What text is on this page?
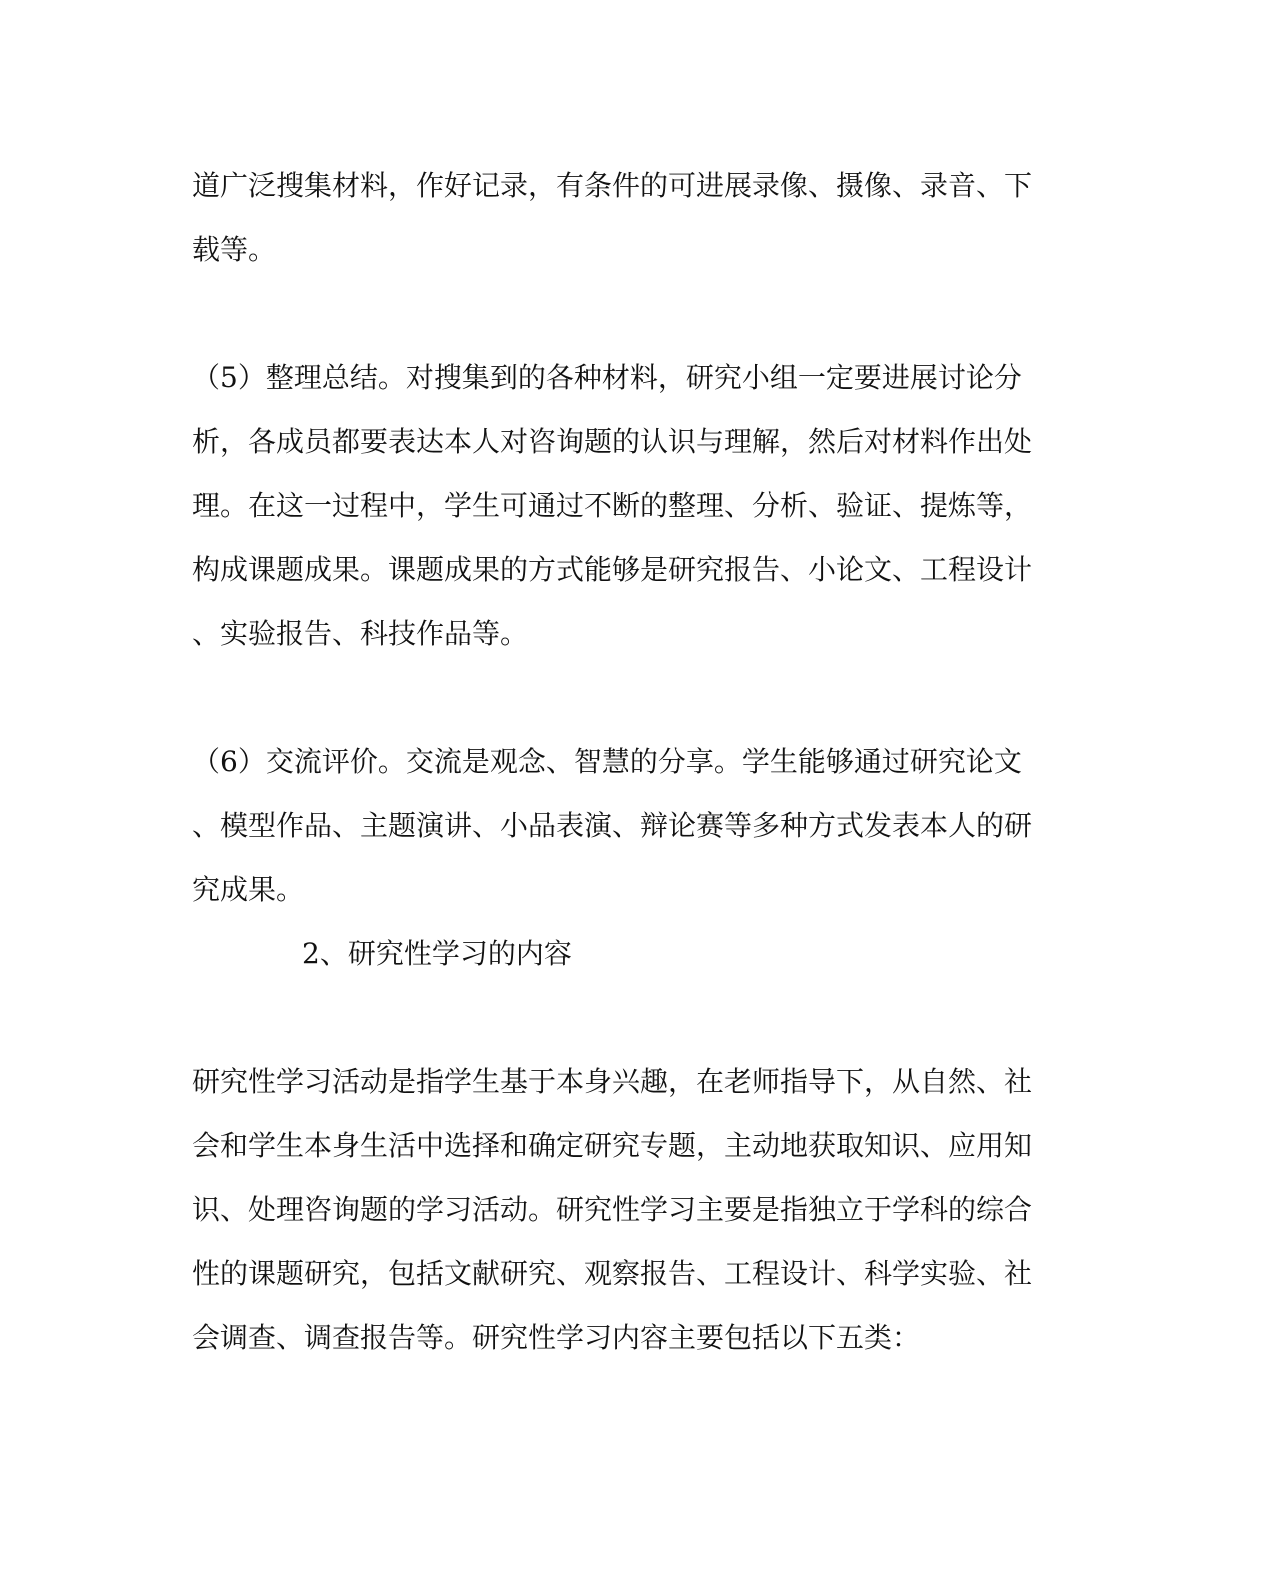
道广泛搜集材料，作好记录，有条件的可进展录像、摄像、录音、下
载等。
（5）整理总结。对搜集到的各种材料，研究小组一定要进展讨论分
析，各成员都要表达本人对咨询题的认识与理解，然后对材料作出处
理。在这一过程中，学生可通过不断的整理、分析、验证、提炼等，
构成课题成果。课题成果的方式能够是研究报告、小论文、工程设计
、实验报告、科技作品等。
（6）交流评价。交流是观念、智慧的分享。学生能够通过研究论文
、模型作品、主题演讲、小品表演、辩论赛等多种方式发表本人的研
究成果。
2、研究性学习的内容
研究性学习活动是指学生基于本身兴趣，在老师指导下，从自然、社
会和学生本身生活中选择和确定研究专题，主动地获取知识、应用知
识、处理咨询题的学习活动。研究性学习主要是指独立于学科的综合
性的课题研究，包括文献研究、观察报告、工程设计、科学实验、社
会调查、调查报告等。研究性学习内容主要包括以下五类：
